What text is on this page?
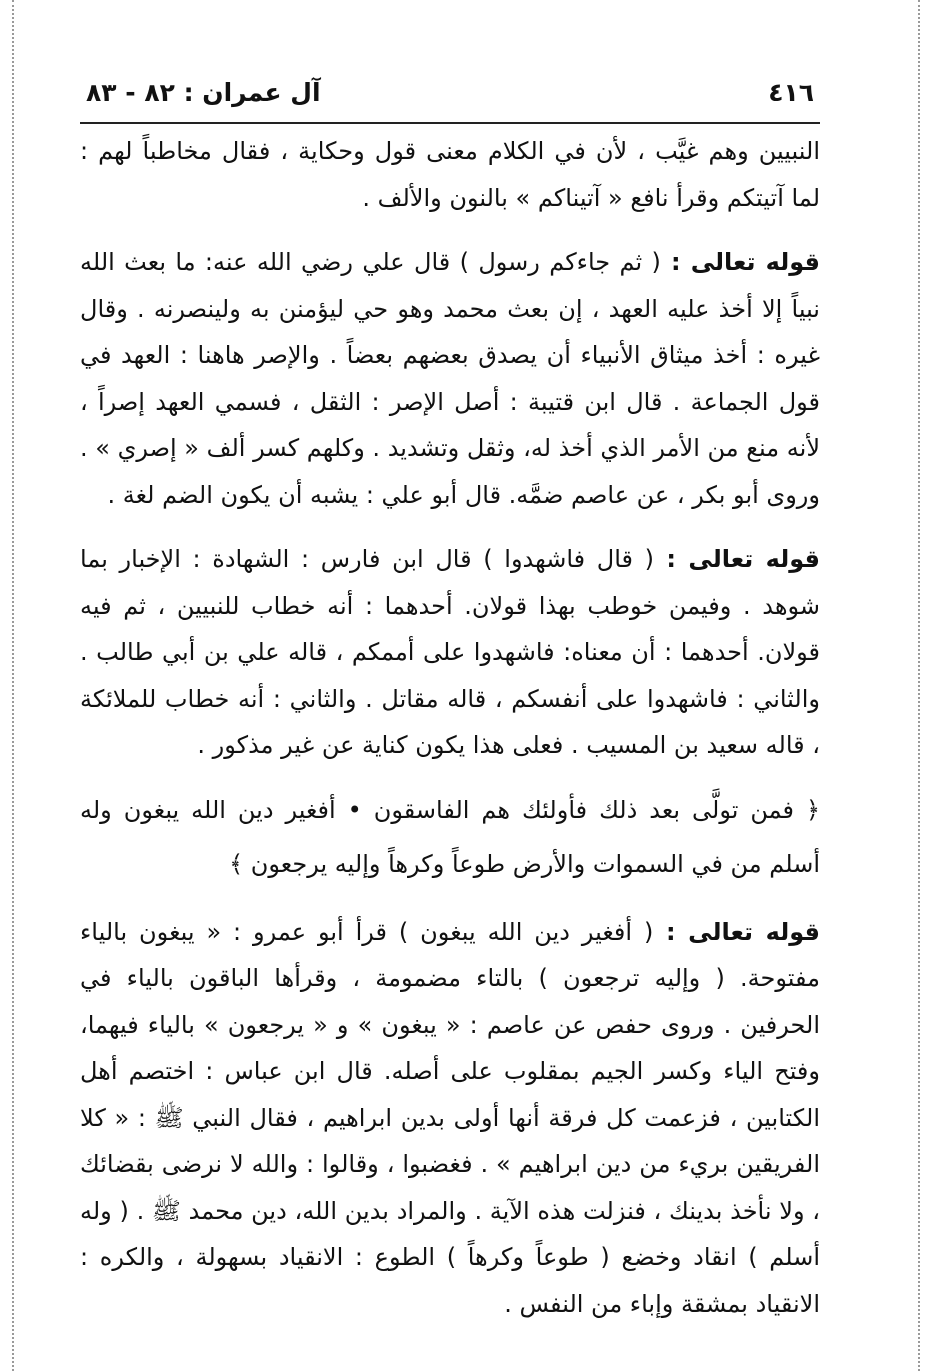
٤١٦
آل عمران : ٨٢ - ٨٣

النبيين وهم غيَّب ، لأن في الكلام معنى قول وحكاية ، فقال مخاطباً لهم : لما آتيتكم وقرأ نافع « آتيناكم » بالنون والألف .

قوله تعالى : ( ثم جاءكم رسول ) قال علي رضي الله عنه: ما بعث الله نبياً إلا أخذ عليه العهد ، إن بعث محمد وهو حي ليؤمنن به ولينصرنه . وقال غيره : أخذ ميثاق الأنبياء أن يصدق بعضهم بعضاً . والإصر هاهنا : العهد في قول الجماعة . قال ابن قتيبة : أصل الإصر : الثقل ، فسمي العهد إصراً ، لأنه منع من الأمر الذي أخذ له، وثقل وتشديد . وكلهم كسر ألف « إصري » . وروى أبو بكر ، عن عاصم ضمَّه. قال أبو علي : يشبه أن يكون الضم لغة .

قوله تعالى : ( قال فاشهدوا ) قال ابن فارس : الشهادة : الإخبار بما شوهد . وفيمن خوطب بهذا قولان. أحدهما : أنه خطاب للنبيين ، ثم فيه قولان. أحدهما : أن معناه: فاشهدوا على أممكم ، قاله علي بن أبي طالب . والثاني : فاشهدوا على أنفسكم ، قاله مقاتل . والثاني : أنه خطاب للملائكة ، قاله سعيد بن المسيب . فعلى هذا يكون كناية عن غير مذكور .

﴿ فمن تولَّى بعد ذلك فأولئك هم الفاسقون • أفغير دين الله يبغون وله أسلم من في السموات والأرض طوعاً وكرهاً وإليه يرجعون ﴾

قوله تعالى : ( أفغير دين الله يبغون ) قرأ أبو عمرو : « يبغون بالياء مفتوحة. ( وإليه ترجعون ) بالتاء مضمومة ، وقرأها الباقون بالياء في الحرفين . وروى حفص عن عاصم : « يبغون » و « يرجعون » بالياء فيهما، وفتح الياء وكسر الجيم بمقلوب على أصله. قال ابن عباس : اختصم أهل الكتابين ، فزعمت كل فرقة أنها أولى بدين ابراهيم ، فقال النبي ﷺ : « كلا الفريقين بريء من دين ابراهيم » . فغضبوا ، وقالوا : والله لا نرضى بقضائك ، ولا نأخذ بدينك ، فنزلت هذه الآية . والمراد بدين الله، دين محمد ﷺ . ( وله أسلم ) انقاد وخضع ( طوعاً وكرهاً ) الطوع : الانقياد بسهولة ، والكره : الانقياد بمشقة وإباء من النفس .
